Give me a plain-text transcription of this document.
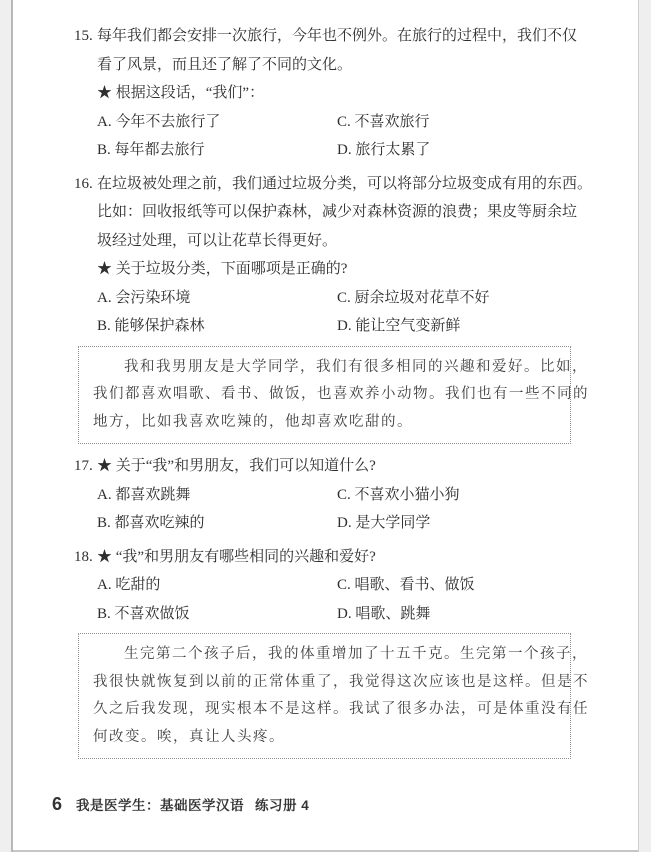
15. 每年我们都会安排一次旅行，今年也不例外。在旅行的过程中，我们不仅
看了风景，而且还了解了不同的文化。
★ 根据这段话，“我们”：
A. 今年不去旅行了	C. 不喜欢旅行
B. 每年都去旅行	D. 旅行太累了
16. 在垃圾被处理之前，我们通过垃圾分类，可以将部分垃圾变成有用的东西。
比如：回收报纸等可以保护森林，减少对森林资源的浪费；果皮等厨余垃
圾经过处理，可以让花草长得更好。
★ 关于垃圾分类，下面哪项是正确的?
A. 会污染环境	C. 厨余垃圾对花草不好
B. 能够保护森林	D. 能让空气变新鲜
我和我男朋友是大学同学，我们有很多相同的兴趣和爱好。比如，
我们都喜欢唱歌、看书、做饭，也喜欢养小动物。我们也有一些不同的
地方，比如我喜欢吃辣的，他却喜欢吃甜的。
17. ★ 关于“我”和男朋友，我们可以知道什么?
A. 都喜欢跳舞	C. 不喜欢小猫小狗
B. 都喜欢吃辣的	D. 是大学同学
18. ★ “我”和男朋友有哪些相同的兴趣和爱好?
A. 吃甜的	C. 唱歌、看书、做饭
B. 不喜欢做饭	D. 唱歌、跳舞
生完第二个孩子后，我的体重增加了十五千克。生完第一个孩子，
我很快就恢复到以前的正常体重了，我觉得这次应该也是这样。但是不
久之后我发现，现实根本不是这样。我试了很多办法，可是体重没有任
何改变。唉，真让人头疼。
6 我是医学生：基础医学汉语 练习册 4
